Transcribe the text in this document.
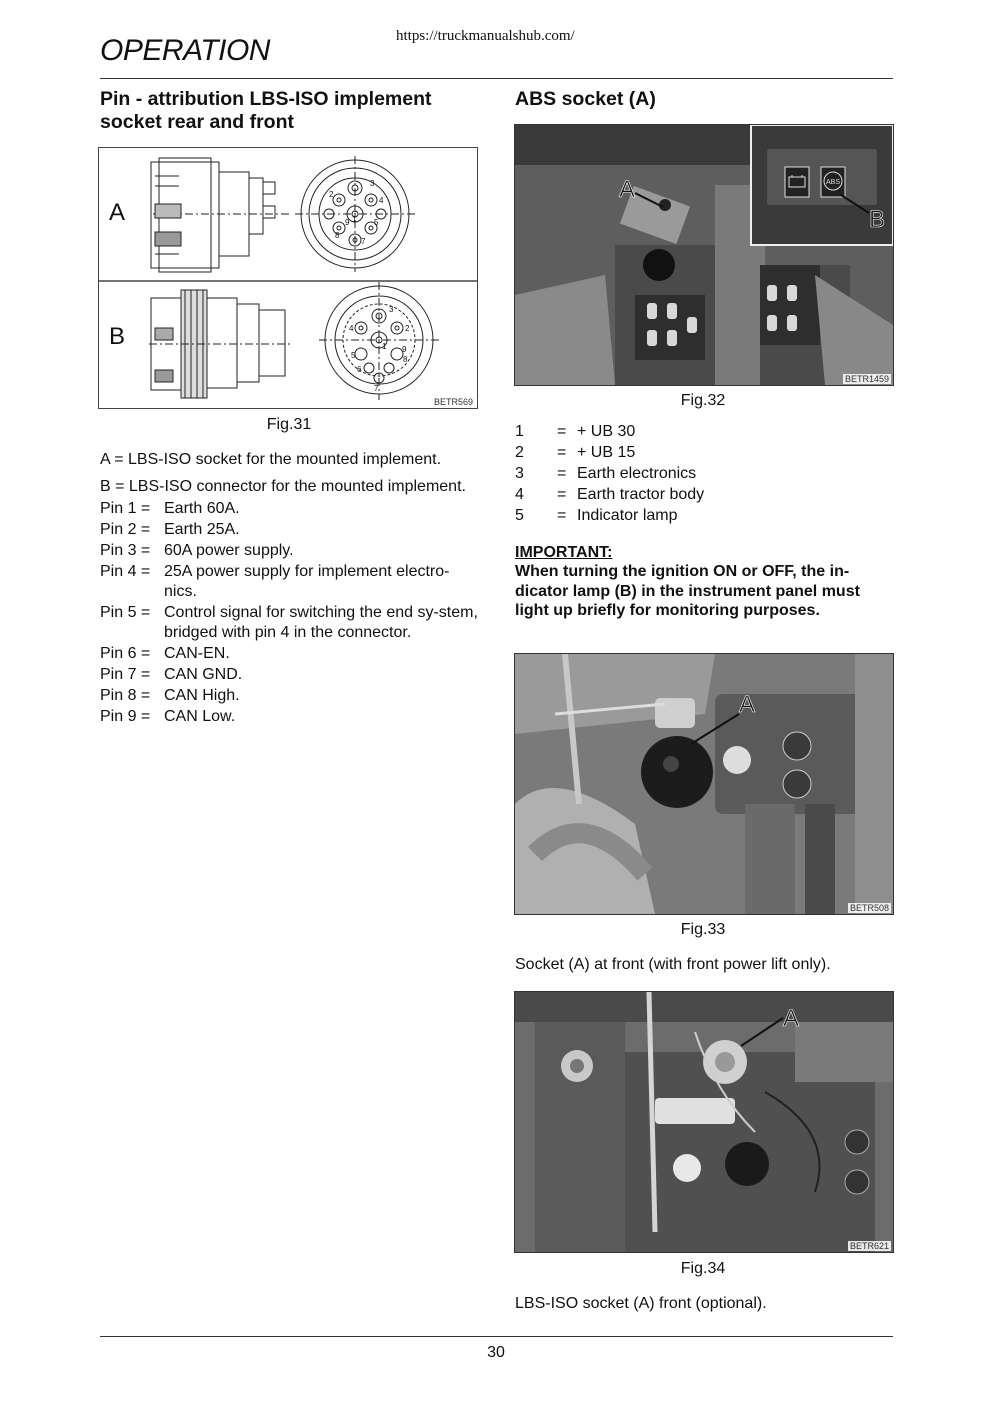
OPERATION	https://truckmanualshub.com/
Pin - attribution LBS-ISO implement socket rear and front
A
3
2
4
9	5
8
7
1
B
3
4	2
1
5
9
8
6
7
BETR569
Fig.31
A = LBS-ISO socket for the mounted implement.
B = LBS-ISO connector for the mounted implement.
Pin 1 = Earth 60A.
Pin 2 = Earth 25A.
Pin 3 = 60A power supply.
Pin 4 = 25A power supply for implement electro-nics.
Pin 5 = Control signal for switching the end sy-stem, bridged with pin 4 in the connector.
Pin 6 = CAN-EN.
Pin 7 = CAN GND.
Pin 8 = CAN High.
Pin 9 = CAN Low.
ABS socket (A)
ABS
A
B
BETR1459
Fig.32
1	= + UB 30
2	= + UB 15
3	= Earth electronics
4	= Earth tractor body
5	= Indicator lamp
IMPORTANT:
When turning the ignition ON or OFF, the in-dicator lamp (B) in the instrument panel must light up briefly for monitoring purposes.
A
BETR508
Fig.33
Socket (A) at front (with front power lift only).
A
BETR621
Fig.34
LBS-ISO socket (A) front (optional).
30
